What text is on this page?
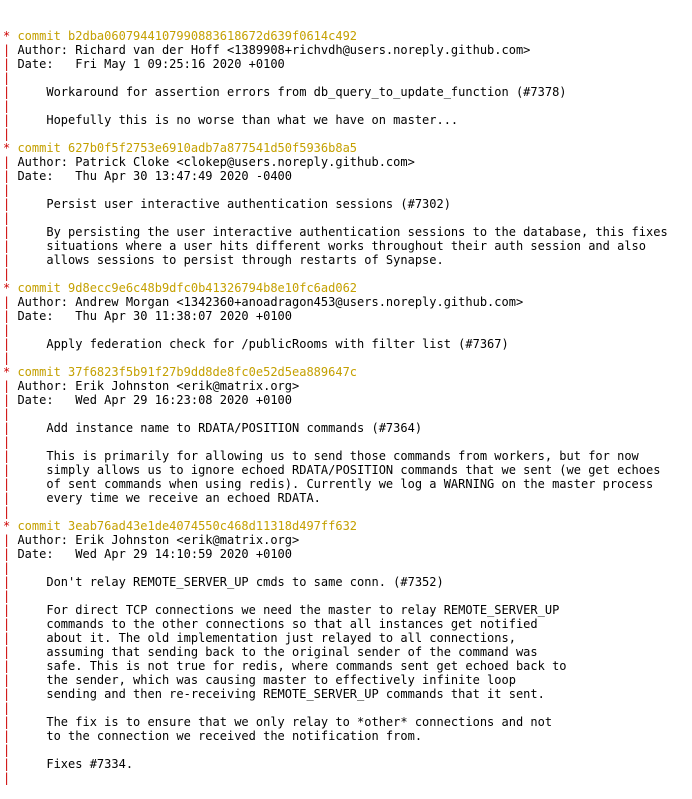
* commit b2dba0607944107990883618672d639f0614c492
| Author: Richard van der Hoff <1389908+richvdh@users.noreply.github.com>
| Date:   Fri May 1 09:25:16 2020 +0100
|
|     Workaround for assertion errors from db_query_to_update_function (#7378)
|
|     Hopefully this is no worse than what we have on master...
|
* commit 627b0f5f2753e6910adb7a877541d50f5936b8a5
| Author: Patrick Cloke <clokep@users.noreply.github.com>
| Date:   Thu Apr 30 13:47:49 2020 -0400
|
|     Persist user interactive authentication sessions (#7302)
|
|     By persisting the user interactive authentication sessions to the database, this fixes
|     situations where a user hits different works throughout their auth session and also
|     allows sessions to persist through restarts of Synapse.
|
* commit 9d8ecc9e6c48b9dfc0b41326794b8e10fc6ad062
| Author: Andrew Morgan <1342360+anoadragon453@users.noreply.github.com>
| Date:   Thu Apr 30 11:38:07 2020 +0100
|
|     Apply federation check for /publicRooms with filter list (#7367)
|
* commit 37f6823f5b91f27b9dd8de8fc0e52d5ea889647c
| Author: Erik Johnston <erik@matrix.org>
| Date:   Wed Apr 29 16:23:08 2020 +0100
|
|     Add instance name to RDATA/POSITION commands (#7364)
|
|     This is primarily for allowing us to send those commands from workers, but for now
|     simply allows us to ignore echoed RDATA/POSITION commands that we sent (we get echoes
|     of sent commands when using redis). Currently we log a WARNING on the master process
|     every time we receive an echoed RDATA.
|
* commit 3eab76ad43e1de4074550c468d11318d497ff632
| Author: Erik Johnston <erik@matrix.org>
| Date:   Wed Apr 29 14:10:59 2020 +0100
|
|     Don't relay REMOTE_SERVER_UP cmds to same conn. (#7352)
|
|     For direct TCP connections we need the master to relay REMOTE_SERVER_UP
|     commands to the other connections so that all instances get notified
|     about it. The old implementation just relayed to all connections,
|     assuming that sending back to the original sender of the command was
|     safe. This is not true for redis, where commands sent get echoed back to
|     the sender, which was causing master to effectively infinite loop
|     sending and then re-receiving REMOTE_SERVER_UP commands that it sent.
|
|     The fix is to ensure that we only relay to *other* connections and not
|     to the connection we received the notification from.
|
|     Fixes #7334.
|
